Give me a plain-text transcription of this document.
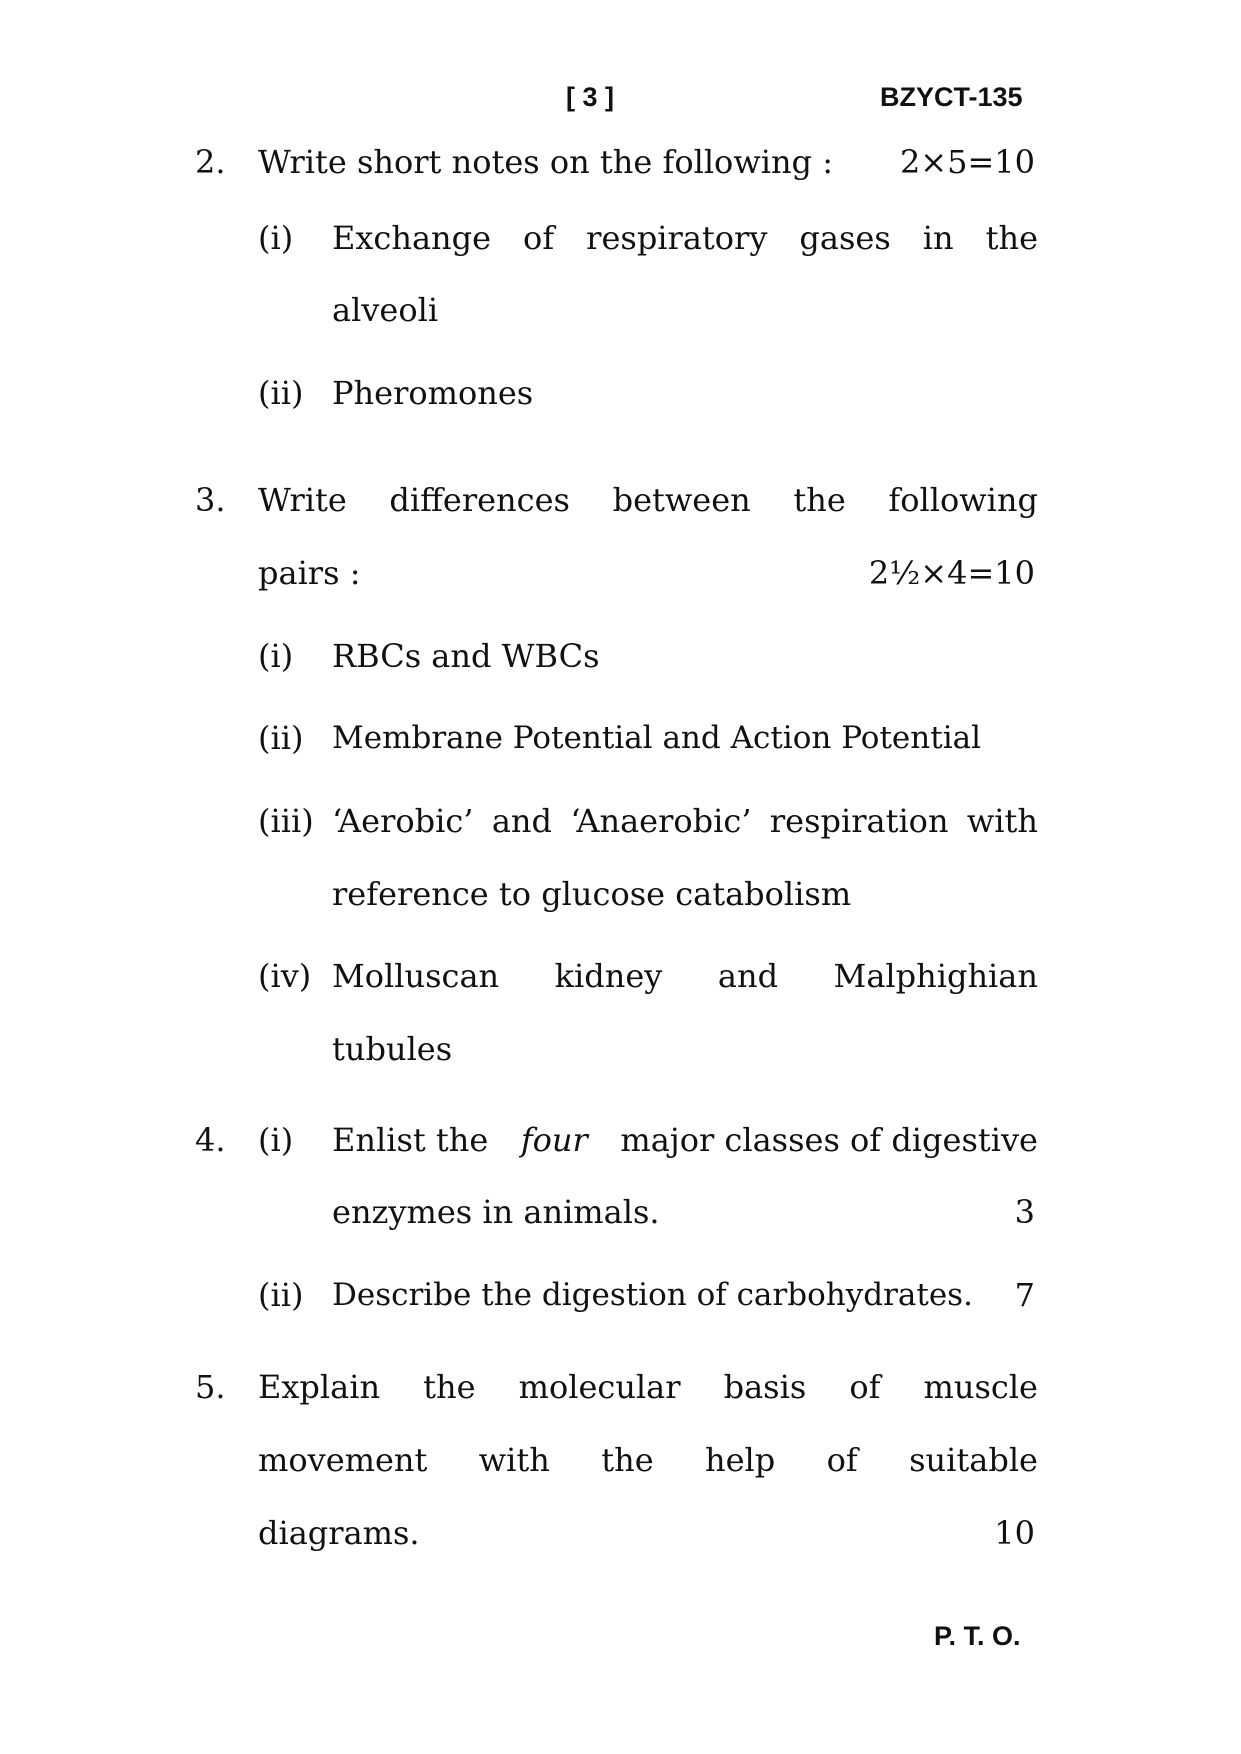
[ 3 ]	BZYCT-135
2. Write short notes on the following :	2×5=10
(i) Exchange of respiratory gases in the
alveoli
(ii) Pheromones
3. Write differences between the following
pairs :	2½×4=10
(i) RBCs and WBCs
(ii) Membrane Potential and Action Potential
(iii) ‘Aerobic’ and ‘Anaerobic’ respiration with
reference to glucose catabolism
(iv) Molluscan kidney and Malphighian
tubules
4. (i) Enlist the four major classes of digestive
enzymes in animals.	3
(ii) Describe the digestion of carbohydrates.	7
5. Explain the molecular basis of muscle
movement with the help of suitable
diagrams.	10
P. T. O.
